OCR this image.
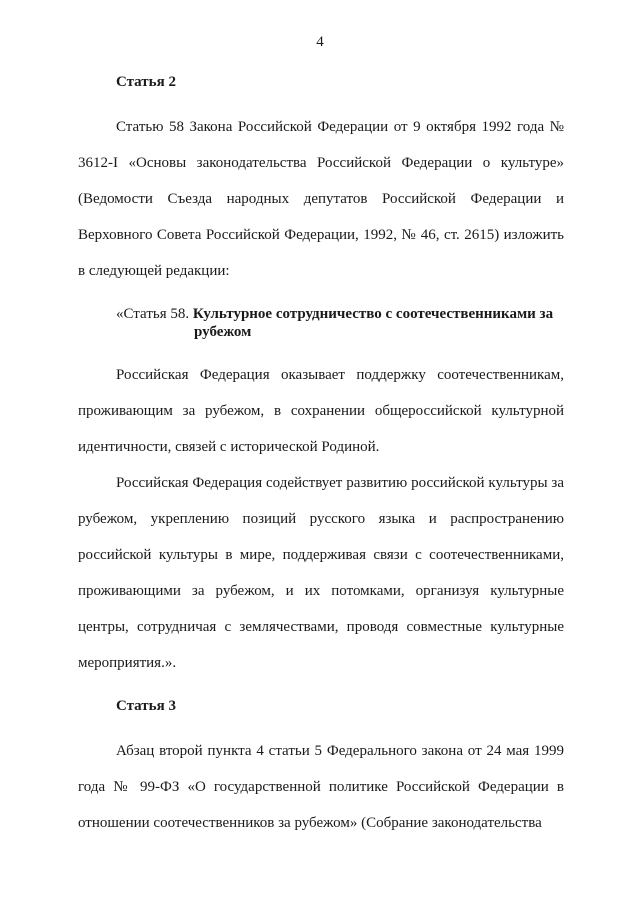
4

Статья 2

Статью 58 Закона Российской Федерации от 9 октября 1992 года № 3612-I «Основы законодательства Российской Федерации о культуре» (Ведомости Съезда народных депутатов Российской Федерации и Верховного Совета Российской Федерации, 1992, № 46, ст. 2615) изложить в следующей редакции:

«Статья 58. Культурное сотрудничество с соотечественниками за

рубежом

Российская Федерация оказывает поддержку соотечественникам, проживающим за рубежом, в сохранении общероссийской культурной идентичности, связей с исторической Родиной.

Российская Федерация содействует развитию российской культуры за рубежом, укреплению позиций русского языка и распространению российской культуры в мире, поддерживая связи с соотечественниками, проживающими за рубежом, и их потомками, организуя культурные центры, сотрудничая с землячествами, проводя совместные культурные мероприятия.».

Статья 3

Абзац второй пункта 4 статьи 5 Федерального закона от 24 мая 1999 года № 99-ФЗ «О государственной политике Российской Федерации в отношении соотечественников за рубежом» (Собрание законодательства
